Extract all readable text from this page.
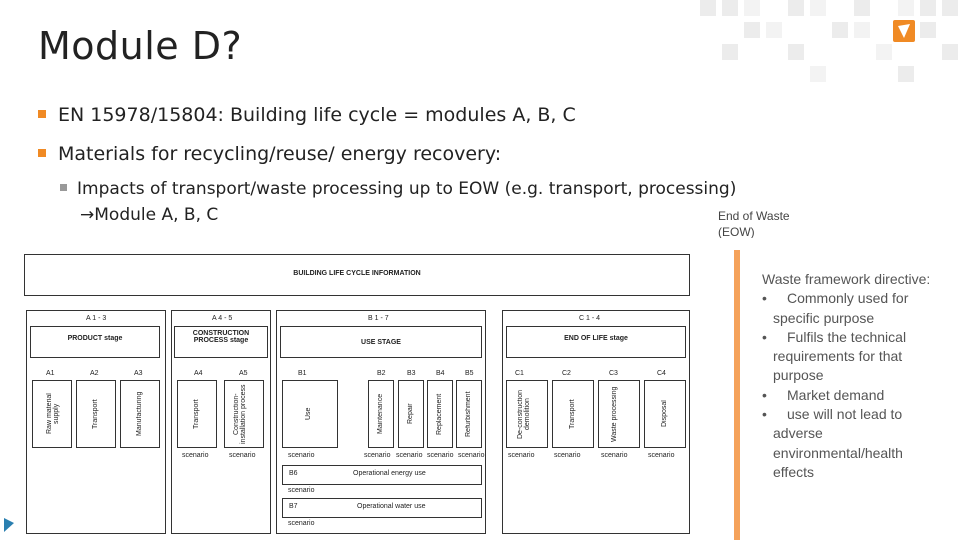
Module D?
EN 15978/15804: Building life cycle = modules A, B, C
Materials for recycling/reuse/ energy recovery:
Impacts of transport/waste processing up to EOW (e.g. transport, processing)
→Module A, B, C	End of Waste (EOW)
Waste framework directive:
•	Commonly used for specific purpose
•	Fulfils the technical requirements for that purpose
•	Market demand
•	use will not lead to adverse environmental/health effects
BUILDING LIFE CYCLE INFORMATION
A 1 - 3	A 4 - 5	B 1 - 7	C 1 - 4
PRODUCT stage
CONSTRUCTION PROCESS stage	USE STAGE
END OF LIFE stage
A1	A2	A3	A4	A5	B1	B2	B3	B4	B5	C1	C2	C3	C4
Raw material supply	Transport	Manufacturing	Transport	Construction-installation process	Use	Maintenance	Repair	Replacement	Refurbishment	De-construction demolition	Transport	Waste processing	Disposal
scenario	scenario	scenario	scenario scenario scenario scenario	scenario	scenario	scenario	scenario
B6	Operational energy use
scenario
B7	Operational water use
scenario
